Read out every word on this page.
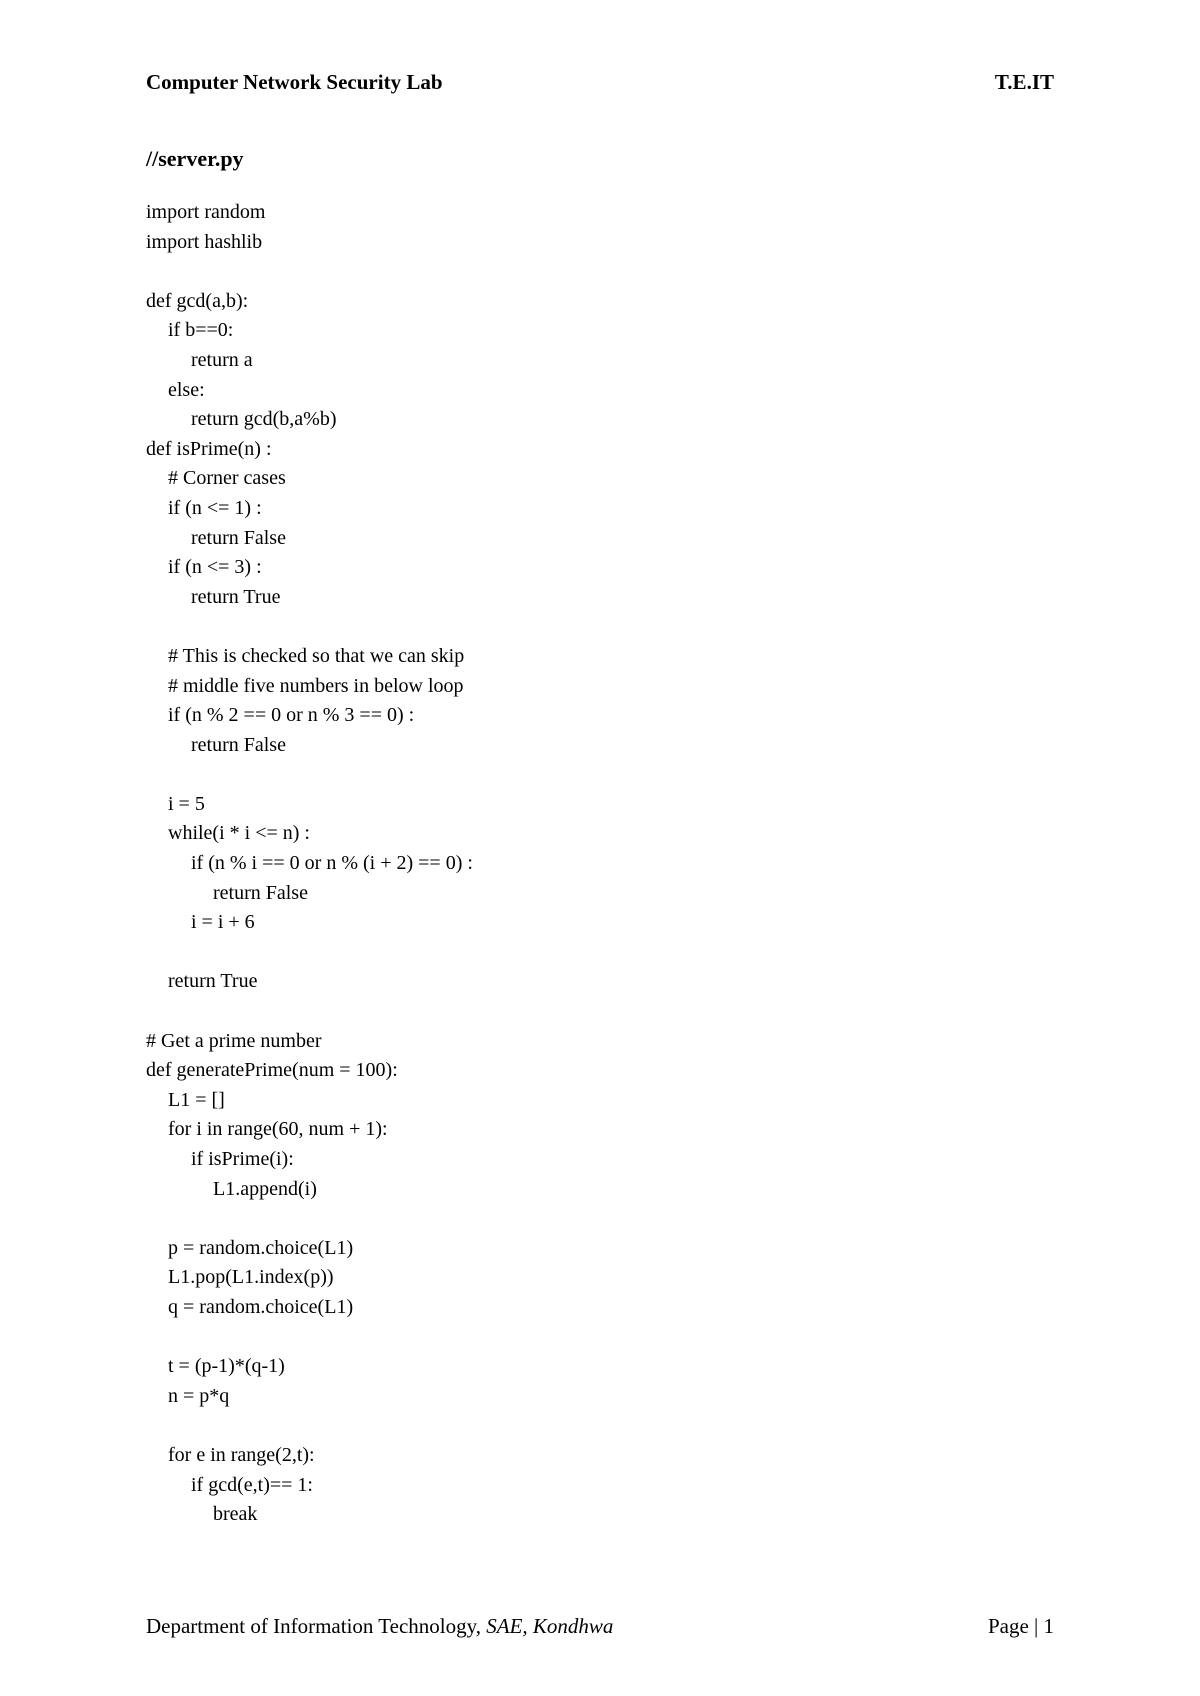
Computer Network Security Lab	T.E.IT
//server.py
import random
import hashlib
def gcd(a,b):
if b==0:
return a
else:
return gcd(b,a%b)
def isPrime(n) :
# Corner cases
if (n <= 1) :
return False
if (n <= 3) :
return True
# This is checked so that we can skip
# middle five numbers in below loop
if (n % 2 == 0 or n % 3 == 0) :
return False
i = 5
while(i * i <= n) :
if (n % i == 0 or n % (i + 2) == 0) :
return False
i = i + 6
return True
# Get a prime number
def generatePrime(num = 100):
L1 = []
for i in range(60, num + 1):
if isPrime(i):
L1.append(i)
p = random.choice(L1)
L1.pop(L1.index(p))
q = random.choice(L1)
t = (p-1)*(q-1)
n = p*q
for e in range(2,t):
if gcd(e,t)== 1:
break
Department of Information Technology, SAE, Kondhwa	Page | 1
